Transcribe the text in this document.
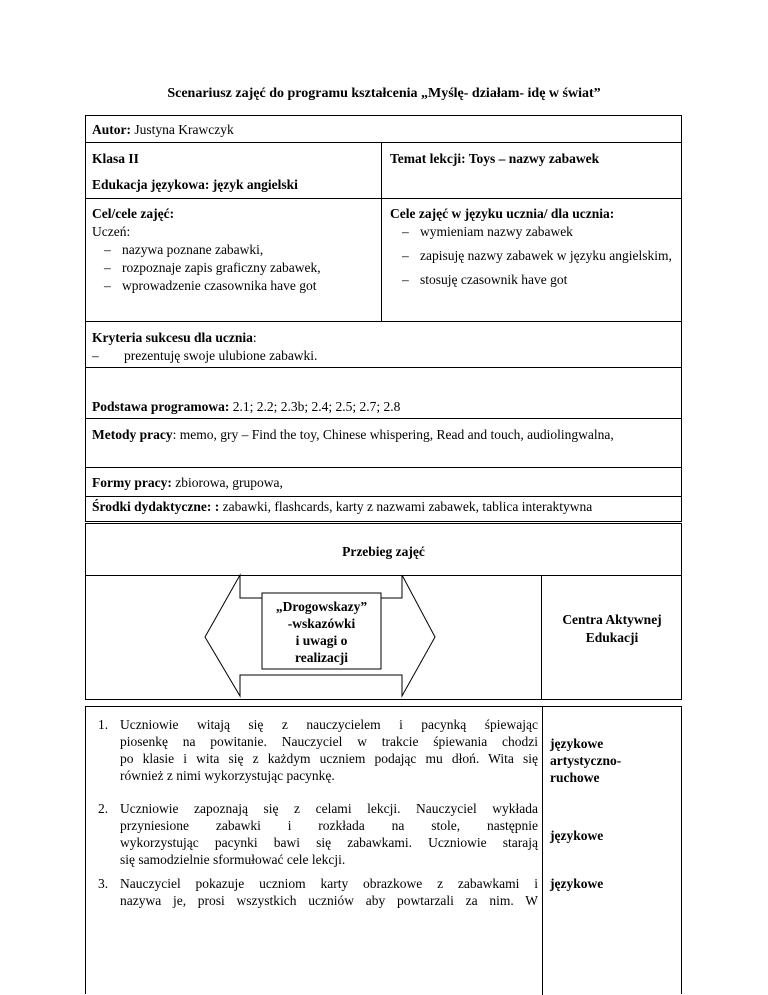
Scenariusz zajęć do programu kształcenia „Myślę- działam- idę w świat”
Autor: Justyna Krawczyk
Klasa II	Temat lekcji: Toys – nazwy zabawek
Edukacja językowa: język angielski
Cel/cele zajęć:
Uczeń:
– nazywa poznane zabawki,
– rozpoznaje zapis graficzny zabawek,
– wprowadzenie czasownika have got
Cele zajęć w języku ucznia/ dla ucznia:
– wymieniam nazwy zabawek
– zapisuję nazwy zabawek w języku angielskim,
– stosuję czasownik have got
Kryteria sukcesu dla ucznia:
– prezentuję swoje ulubione zabawki.
Podstawa programowa: 2.1; 2.2; 2.3b; 2.4; 2.5; 2.7; 2.8
Metody pracy: memo, gry – Find the toy, Chinese whispering, Read and touch, audiolingwalna,
Formy pracy: zbiorowa, grupowa,
Środki dydaktyczne: : zabawki, flashcards, karty z nazwami zabawek, tablica interaktywna
Przebieg zajęć
„Drogowskazy”
-wskazówki
i uwagi o
realizacji
Centra Aktywnej
Edukacji
1. Uczniowie witają się z nauczycielem i pacynką śpiewając
piosenkę na powitanie. Nauczyciel w trakcie śpiewania chodzi
po klasie i wita się z każdym uczniem podając mu dłoń. Wita się
również z nimi wykorzystując pacynkę.
językowe
artystyczno-
ruchowe
2. Uczniowie zapoznają się z celami lekcji. Nauczyciel wykłada
przyniesione  zabawki  i  rozkłada  na  stole,  następnie
wykorzystując pacynki bawi się zabawkami. Uczniowie starają
się samodzielnie sformułować cele lekcji.
językowe
3. Nauczyciel pokazuje uczniom karty obrazkowe z zabawkami i
nazywa je, prosi wszystkich uczniów aby powtarzali za nim. W
językowe
